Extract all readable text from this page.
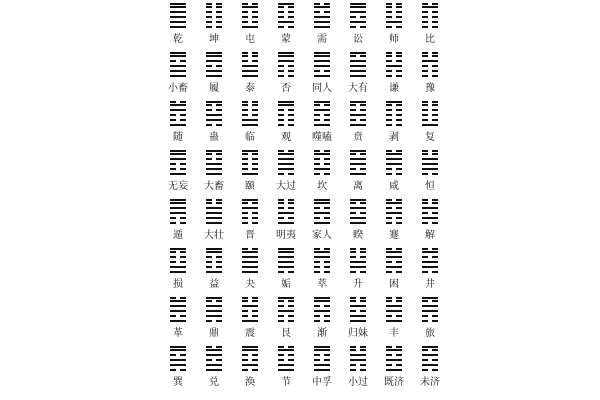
乾	坤	屯	蒙	需	讼	师	比
小畜	履	泰	否	同人	大有	谦	豫
随	蛊	临	观	噬嗑	贲	剥	复
无妄	大畜	颐	大过	坎	离	咸	恒
遁	大壮	晋	明夷	家人	睽	蹇	解
损	益	夬	姤	萃	升	困	井
革	鼎	震	艮	渐	归妹	丰	旅
巽	兑	涣	节	中孚	小过	既济	未济
